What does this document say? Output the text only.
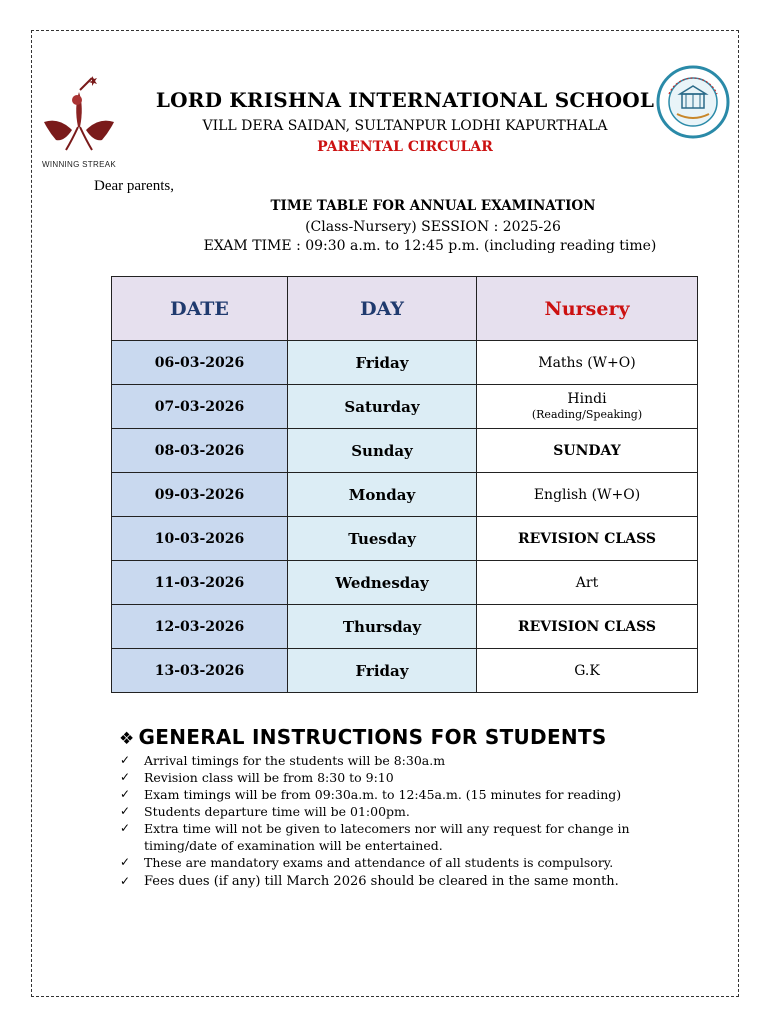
WINNING STREAK
LORD KRISHNA INTERNATIONAL SCHOOL
VILL DERA SAIDAN, SULTANPUR LODHI KAPURTHALA
PARENTAL CIRCULAR
Dear parents,
TIME TABLE FOR ANNUAL EXAMINATION
(Class-Nursery) SESSION : 2025-26
EXAM TIME : 09:30 a.m. to 12:45 p.m. (including reading time)
DATE	DAY	Nursery
06-03-2026	Friday	Maths (W+O)
07-03-2026	Saturday	Hindi
(Reading/Speaking)

08-03-2026	Sunday	SUNDAY
09-03-2026	Monday	English (W+O)
10-03-2026	Tuesday	REVISION CLASS
11-03-2026	Wednesday	Art
12-03-2026	Thursday	REVISION CLASS
13-03-2026	Friday	G.K
❖ GENERAL INSTRUCTIONS FOR STUDENTS
✓ Arrival timings for the students will be 8:30a.m
✓ Revision class will be from 8:30 to 9:10
✓ Exam timings will be from 09:30a.m. to 12:45a.m. (15 minutes for reading)
✓ Students departure time will be 01:00pm.
✓ Extra time will not be given to latecomers nor will any request for change in timing/date of examination will be entertained.
✓ These are mandatory exams and attendance of all students is compulsory.
✓ Fees dues (if any) till March 2026 should be cleared in the same month.
